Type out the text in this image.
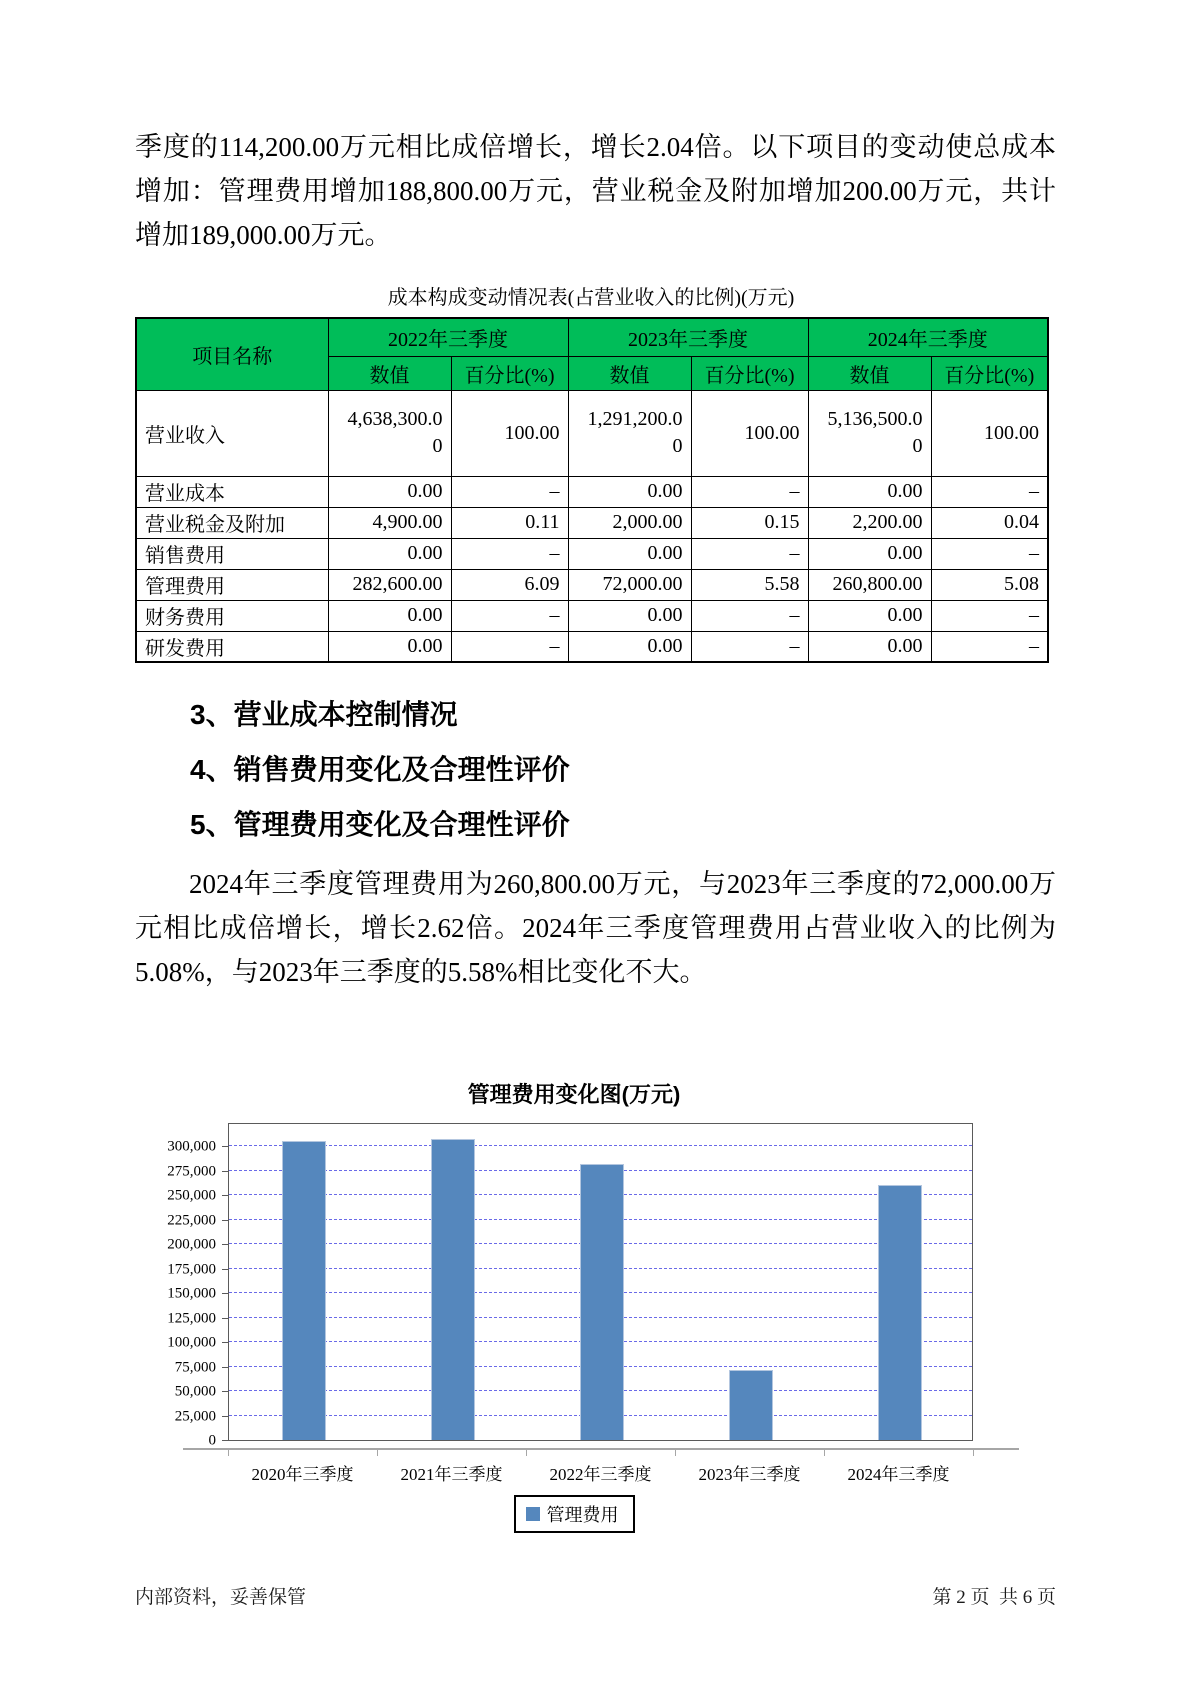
季度的114,200.00万元相比成倍增长，增长2.04倍。以下项目的变动使总成本增加：管理费用增加188,800.00万元，营业税金及附加增加200.00万元，共计增加189,000.00万元。

成本构成变动情况表(占营业收入的比例)(万元)
项目名称	2022年三季度		2023年三季度		2024年三季度	
	数值	百分比(%)	数值	百分比(%)	数值	百分比(%)
营业收入	4,638,300.00	100.00	1,291,200.00	100.00	5,136,500.00	100.00
营业成本	0.00	–	0.00	–	0.00	–
营业税金及附加	4,900.00	0.11	2,000.00	0.15	2,200.00	0.04
销售费用	0.00	–	0.00	–	0.00	–
管理费用	282,600.00	6.09	72,000.00	5.58	260,800.00	5.08
财务费用	0.00	–	0.00	–	0.00	–
研发费用	0.00	–	0.00	–	0.00	–
3、营业成本控制情况
4、销售费用变化及合理性评价
5、管理费用变化及合理性评价

2024年三季度管理费用为260,800.00万元，与2023年三季度的72,000.00万元相比成倍增长，增长2.62倍。2024年三季度管理费用占营业收入的比例为5.08%，与2023年三季度的5.58%相比变化不大。

管理费用变化图(万元)
0
25,000
50,000
75,000
100,000
125,000
150,000
175,000
200,000
225,000
250,000
275,000
300,000
2020年三季度	2021年三季度	2022年三季度	2023年三季度	2024年三季度
管理费用
内部资料，妥善保管	第 2 页  共 6 页
